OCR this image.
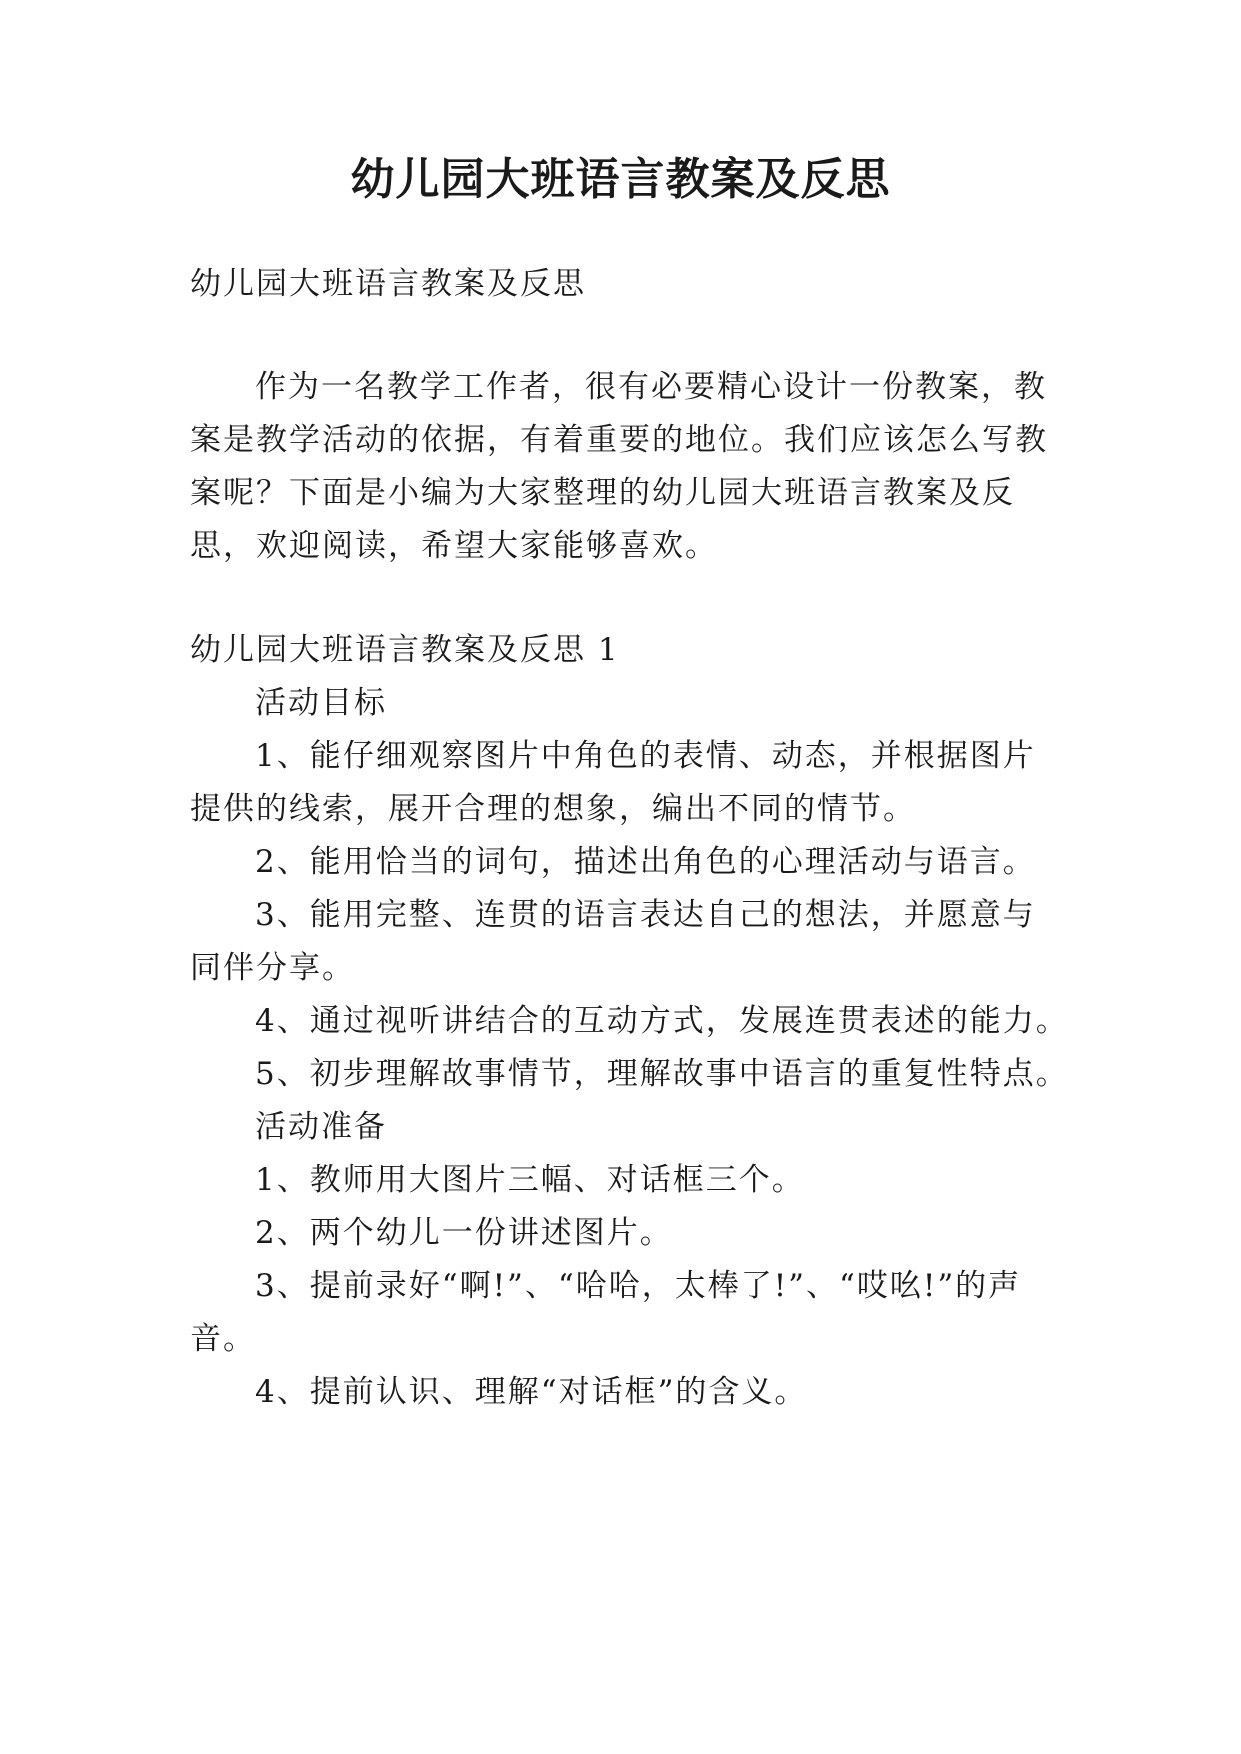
幼儿园大班语言教案及反思

幼儿园大班语言教案及反思

作为一名教学工作者，很有必要精心设计一份教案，教

案是教学活动的依据，有着重要的地位。我们应该怎么写教

案呢？下面是小编为大家整理的幼儿园大班语言教案及反

思，欢迎阅读，希望大家能够喜欢。

幼儿园大班语言教案及反思 1

活动目标

1、能仔细观察图片中角色的表情、动态，并根据图片

提供的线索，展开合理的想象，编出不同的情节。

2、能用恰当的词句，描述出角色的心理活动与语言。

3、能用完整、连贯的语言表达自己的想法，并愿意与

同伴分享。

4、通过视听讲结合的互动方式，发展连贯表述的能力。

5、初步理解故事情节，理解故事中语言的重复性特点。

活动准备

1、教师用大图片三幅、对话框三个。

2、两个幼儿一份讲述图片。

3、提前录好“啊!”、“哈哈，太棒了!”、“哎吆!”的声

音。

4、提前认识、理解“对话框”的含义。
